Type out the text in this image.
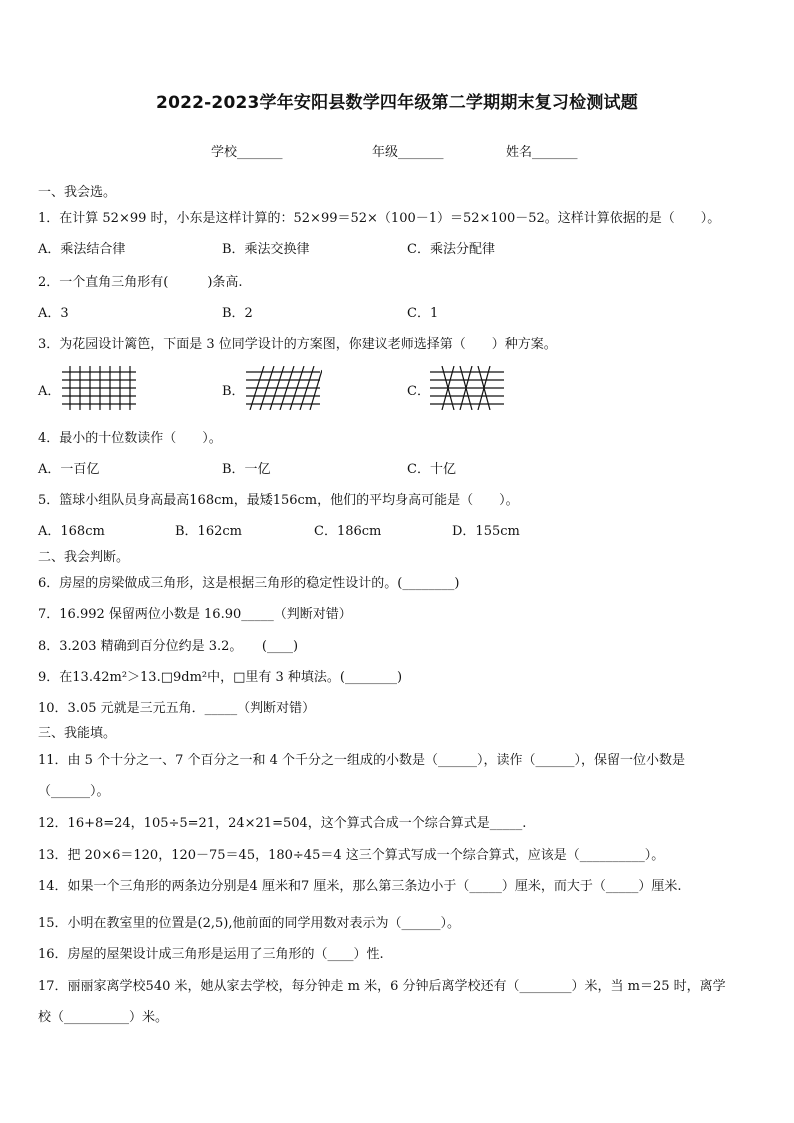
2022-2023学年安阳县数学四年级第二学期期末复习检测试题
学校_______	年级_______	姓名_______
一、我会选。
1．在计算 52×99 时，小东是这样计算的：52×99＝52×（100－1）＝52×100－52。这样计算依据的是（　　）。
A．乘法结合律	B．乘法交换律	C．乘法分配律
2．一个直角三角形有(　　　)条高.
A．3	B．2	C．1
3．为花园设计篱笆，下面是 3 位同学设计的方案图，你建议老师选择第（　　）种方案。
A．	B．	C．
4．最小的十位数读作（　　）。
A．一百亿	B．一亿	C．十亿
5．篮球小组队员身高最高168cm，最矮156cm，他们的平均身高可能是（　　）。
A．168cm	B．162cm	C．186cm	D．155cm
二、我会判断。
6．房屋的房梁做成三角形，这是根据三角形的稳定性设计的。(________)
7．16.992 保留两位小数是 16.90_____（判断对错）
8．3.203 精确到百分位约是 3.2。　　(____)
9．在13.42m²＞13.□9dm²中，□里有 3 种填法。(________)
10．3.05 元就是三元五角．_____（判断对错）
三、我能填。
11．由 5 个十分之一、7 个百分之一和 4 个千分之一组成的小数是（______），读作（______），保留一位小数是
（______）。
12．16+8=24，105÷5=21，24×21=504，这个算式合成一个综合算式是_____.
13．把 20×6＝120，120－75＝45，180÷45＝4 这三个算式写成一个综合算式，应该是（__________）。
14．如果一个三角形的两条边分别是4 厘米和7 厘米，那么第三条边小于（_____）厘米，而大于（_____）厘米.
15．小明在教室里的位置是(2,5),他前面的同学用数对表示为（______）。
16．房屋的屋架设计成三角形是运用了三角形的（____）性.
17．丽丽家离学校540 米，她从家去学校，每分钟走 m 米，6 分钟后离学校还有（________）米，当 m＝25 时，离学
校（__________）米。
